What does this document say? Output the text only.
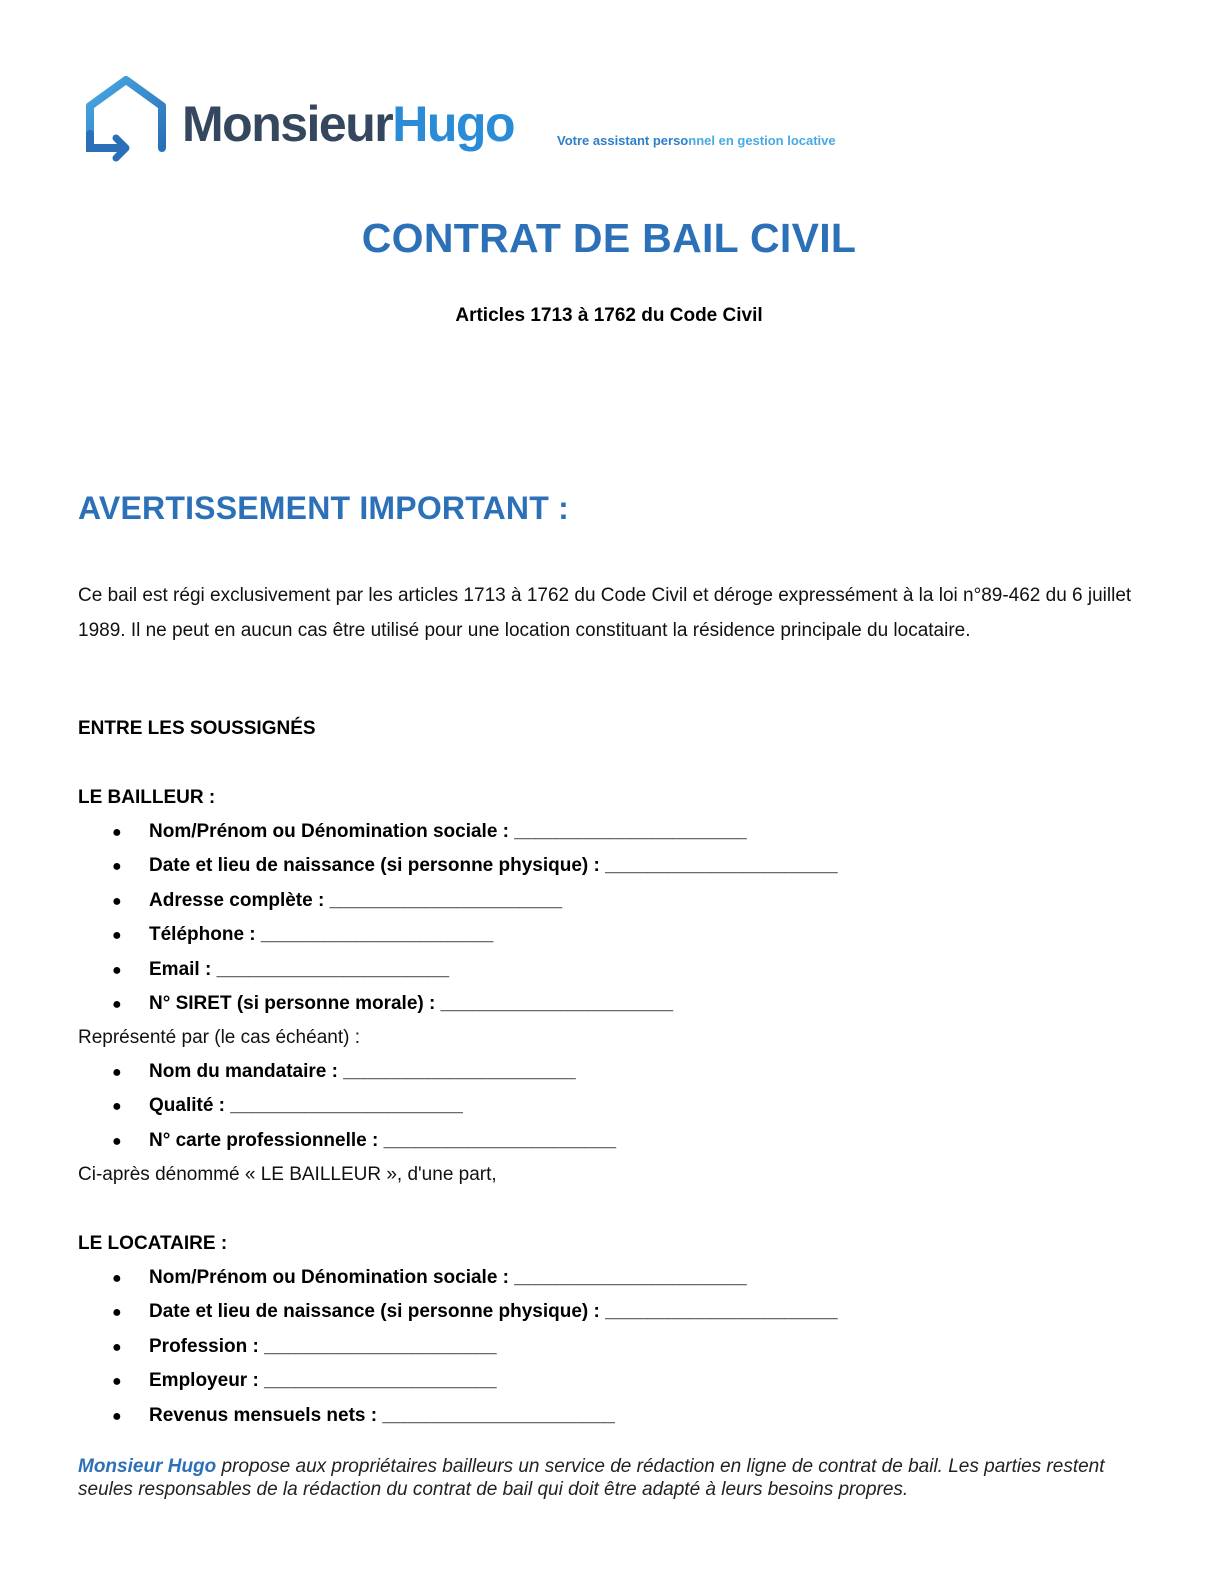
MonsieurHugo	Votre assistant personnel en gestion locative
CONTRAT DE BAIL CIVIL
Articles 1713 à 1762 du Code Civil
AVERTISSEMENT IMPORTANT :
Ce bail est régi exclusivement par les articles 1713 à 1762 du Code Civil et déroge expressément à la loi n°89-462 du 6 juillet 1989. Il ne peut en aucun cas être utilisé pour une location constituant la résidence principale du locataire.
ENTRE LES SOUSSIGNÉS
LE BAILLEUR :
● Nom/Prénom ou Dénomination sociale : ______________________
● Date et lieu de naissance (si personne physique) : ______________________
● Adresse complète : ______________________
● Téléphone : ______________________
● Email : ______________________
● N° SIRET (si personne morale) : ______________________
Représenté par (le cas échéant) :
● Nom du mandataire : ______________________
● Qualité : ______________________
● N° carte professionnelle : ______________________
Ci-après dénommé « LE BAILLEUR », d'une part,
LE LOCATAIRE :
● Nom/Prénom ou Dénomination sociale : ______________________
● Date et lieu de naissance (si personne physique) : ______________________
● Profession : ______________________
● Employeur : ______________________
● Revenus mensuels nets : ______________________
Monsieur Hugo propose aux propriétaires bailleurs un service de rédaction en ligne de contrat de bail. Les parties restent seules responsables de la rédaction du contrat de bail qui doit être adapté à leurs besoins propres.
